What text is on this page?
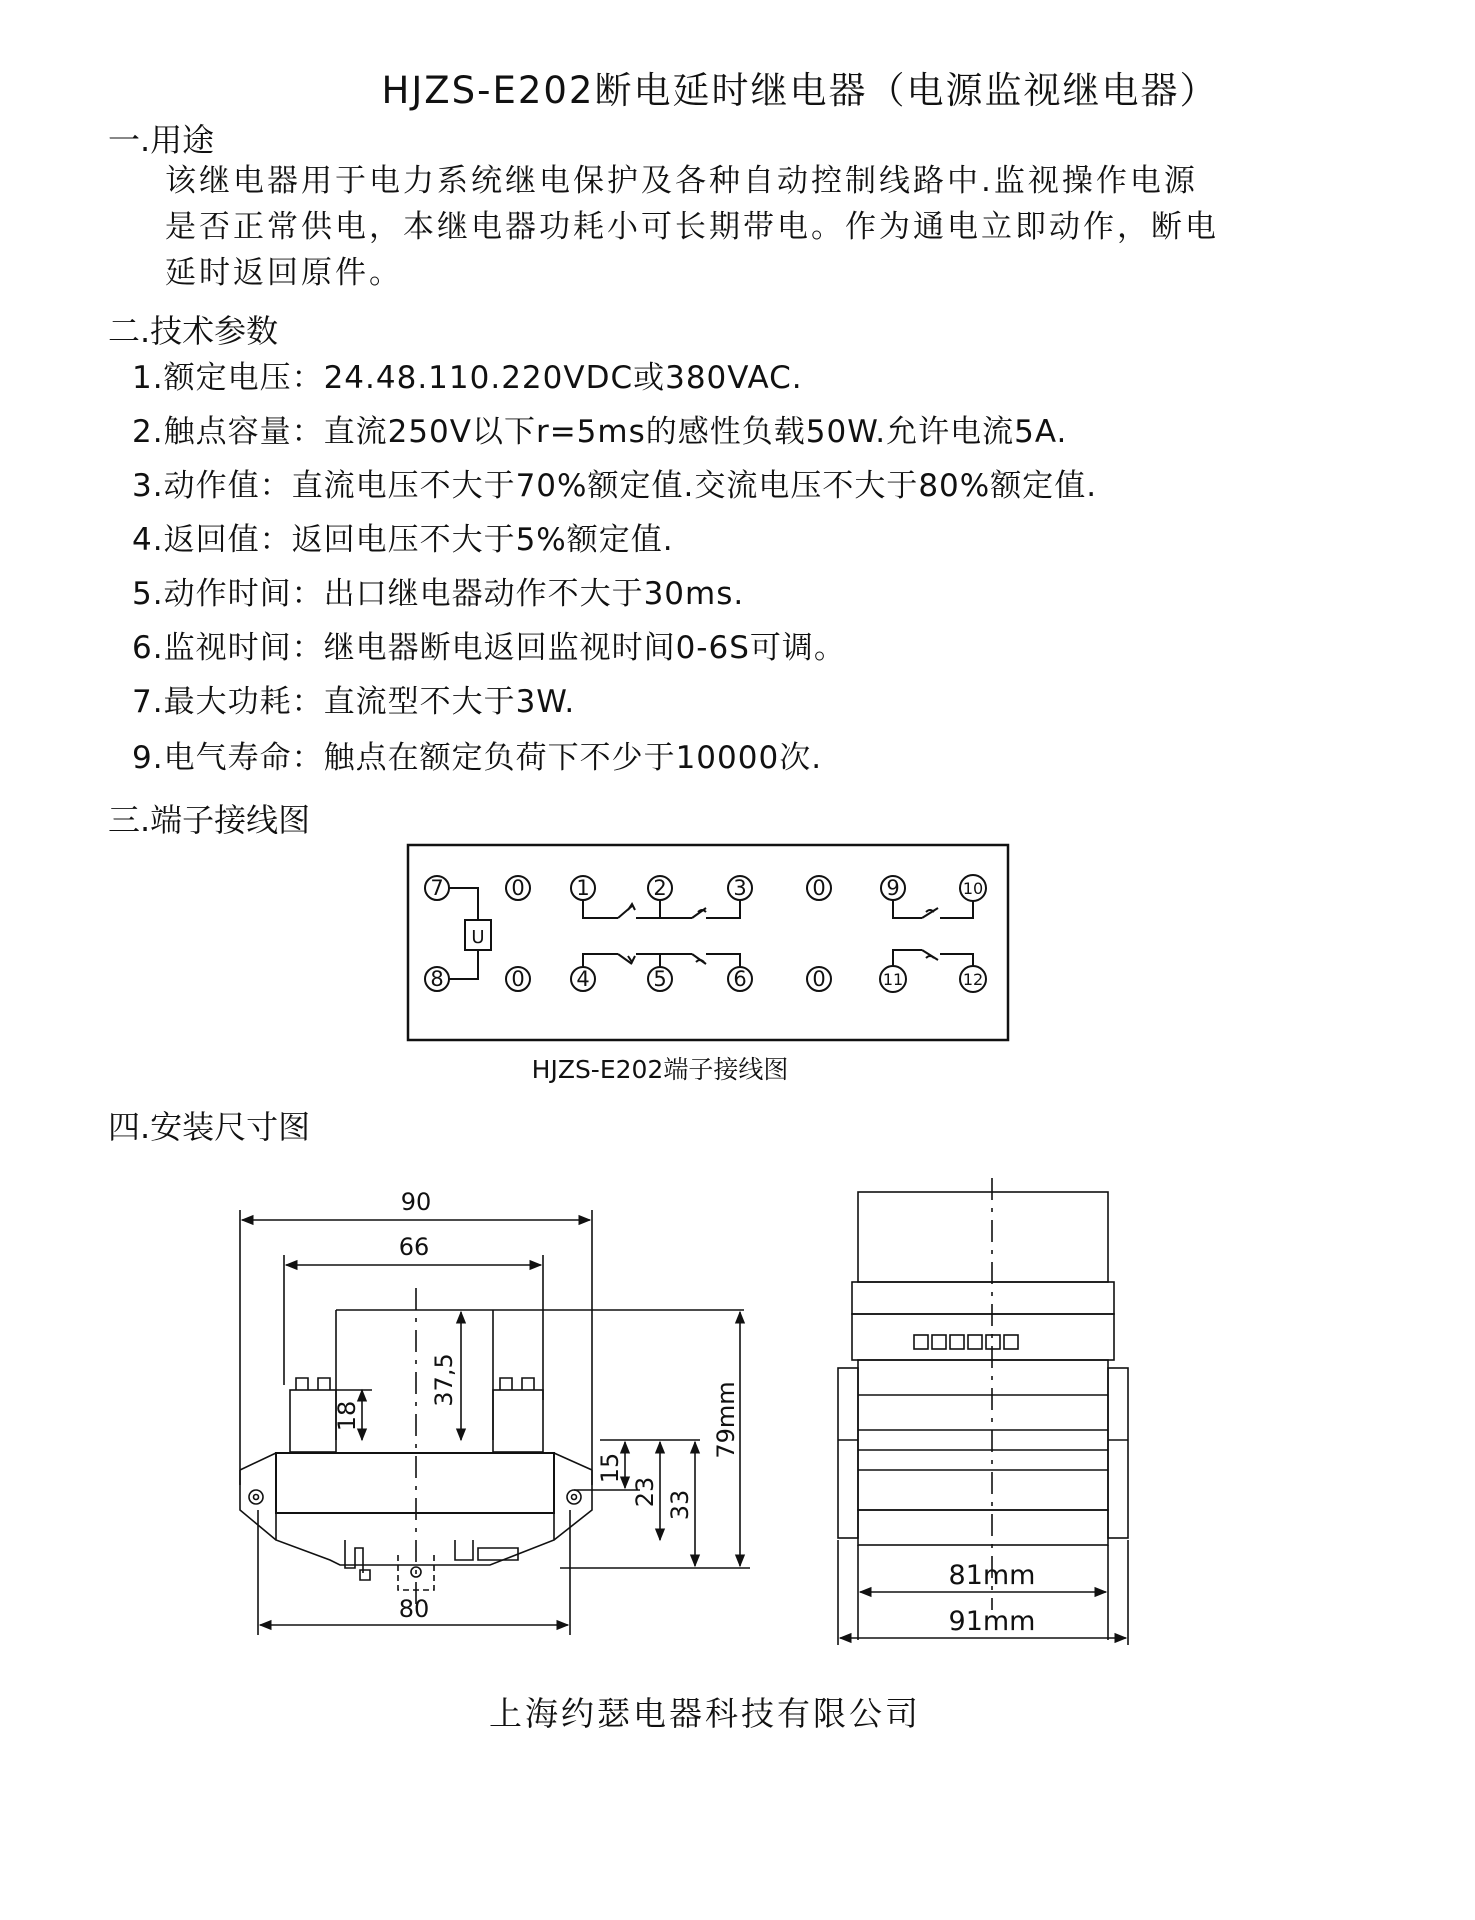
HJZS-E202断电延时继电器（电源监视继电器）
一.用途
该继电器用于电力系统继电保护及各种自动控制线路中.监视操作电源
是否正常供电，本继电器功耗小可长期带电。作为通电立即动作，断电
延时返回原件。
二.技术参数
1.额定电压：24.48.110.220VDC或380VAC.
2.触点容量：直流250V以下r=5ms的感性负载50W.允许电流5A.
3.动作值：直流电压不大于70%额定值.交流电压不大于80%额定值.
4.返回值：返回电压不大于5%额定值.
5.动作时间：出口继电器动作不大于30ms.
6.监视时间：继电器断电返回监视时间0-6S可调。
7.最大功耗：直流型不大于3W.
9.电气寿命：触点在额定负荷下不少于10000次.
三.端子接线图
7	0 1	2	3	0	9	10
8	0 4	5	6	0	11	12
U
HJZS-E202端子接线图
四.安装尺寸图
90
66
37,5
18
80
15
23 33
79mm
81mm
91mm
上海约瑟电器科技有限公司
